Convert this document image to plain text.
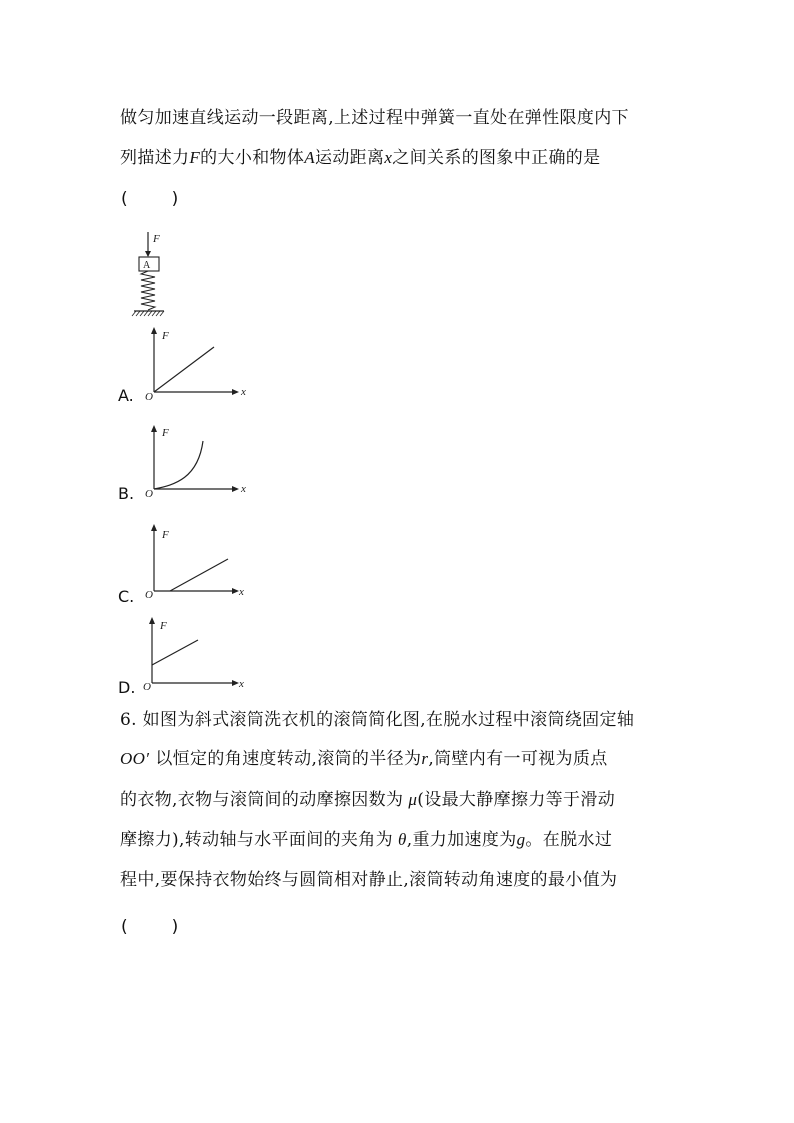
做匀加速直线运动一段距离,上述过程中弹簧一直处在弹性限度内下
列描述力F的大小和物体A运动距离x之间关系的图象中正确的是
(	)
F
A
A.
F
x
O
B.
F
x
O
C.
F
x
O
D.
F
x
O
6. 如图为斜式滚筒洗衣机的滚筒简化图,在脱水过程中滚筒绕固定轴
OO′ 以恒定的角速度转动,滚筒的半径为r,筒壁内有一可视为质点
的衣物,衣物与滚筒间的动摩擦因数为 μ(设最大静摩擦力等于滑动
摩擦力),转动轴与水平面间的夹角为 θ,重力加速度为g。在脱水过
程中,要保持衣物始终与圆筒相对静止,滚筒转动角速度的最小值为
(	)
